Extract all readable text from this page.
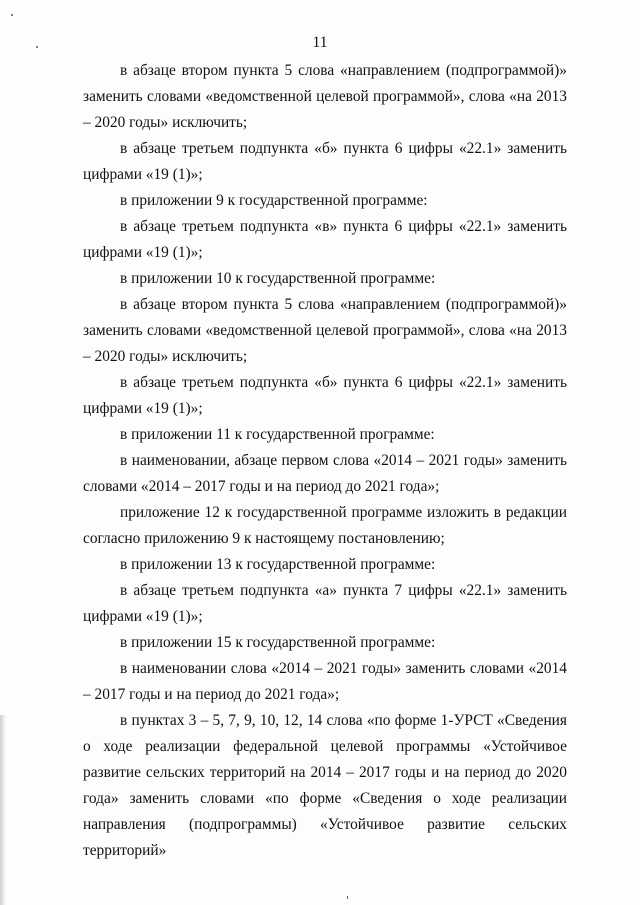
11

в абзаце втором пункта 5 слова «направлением (подпрограммой)» заменить словами «ведомственной целевой программой», слова «на 2013 – 2020 годы» исключить;

в абзаце третьем подпункта «б» пункта 6 цифры «22.1» заменить цифрами «19 (1)»;

в приложении 9 к государственной программе:

в абзаце третьем подпункта «в» пункта 6 цифры «22.1» заменить цифрами «19 (1)»;

в приложении 10 к государственной программе:

в абзаце втором пункта 5 слова «направлением (подпрограммой)» заменить словами «ведомственной целевой программой», слова «на 2013 – 2020 годы» исключить;

в абзаце третьем подпункта «б» пункта 6 цифры «22.1» заменить цифрами «19 (1)»;

в приложении 11 к государственной программе:

в наименовании, абзаце первом слова «2014 – 2021 годы» заменить словами «2014 – 2017 годы и на период до 2021 года»;

приложение 12 к государственной программе изложить в редакции согласно приложению 9 к настоящему постановлению;

в приложении 13 к государственной программе:

в абзаце третьем подпункта «а» пункта 7 цифры «22.1» заменить цифрами «19 (1)»;

в приложении 15 к государственной программе:

в наименовании слова «2014 – 2021 годы» заменить словами «2014 – 2017 годы и на период до 2021 года»;

в пунктах 3 – 5, 7, 9, 10, 12, 14 слова «по форме 1-УРСТ «Сведения о ходе реализации федеральной целевой программы «Устойчивое развитие сельских территорий на 2014 – 2017 годы и на период до 2020 года» заменить словами «по форме «Сведения о ходе реализации направления (подпрограммы) «Устойчивое развитие сельских территорий»
